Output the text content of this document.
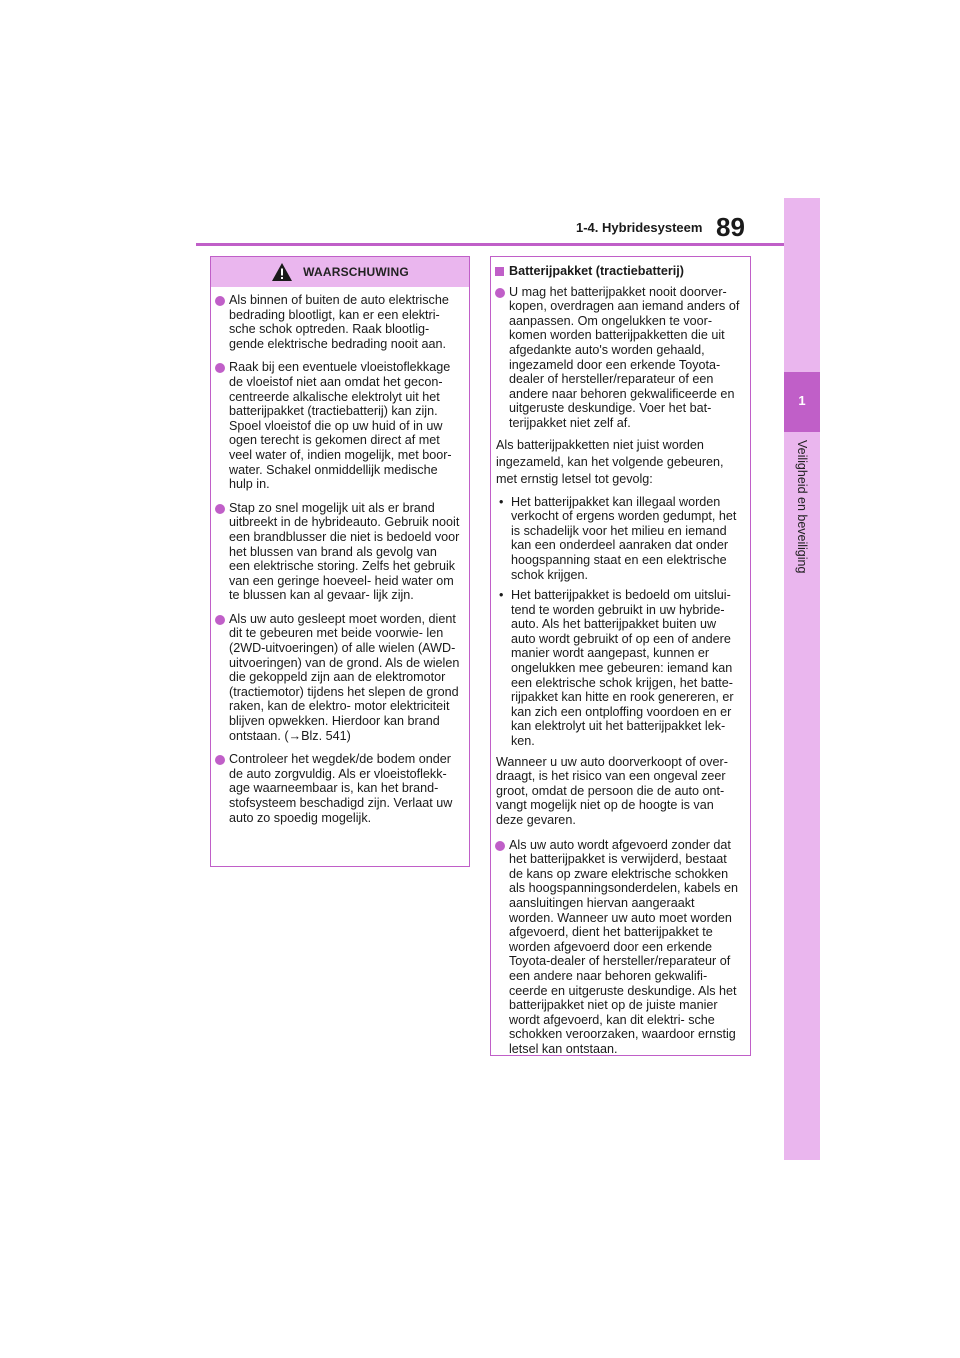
1-4. Hybridesysteem 89
1
Veiligheid en beveiliging
WAARSCHUWING
Als binnen of buiten de auto elektrische bedrading blootligt, kan er een elektri- sche schok optreden. Raak blootlig- gende elektrische bedrading nooit aan.
Raak bij een eventuele vloeistoflekkage de vloeistof niet aan omdat het gecon- centreerde alkalische elektrolyt uit het batterijpakket (tractiebatterij) kan zijn. Spoel vloeistof die op uw huid of in uw ogen terecht is gekomen direct af met veel water of, indien mogelijk, met boor- water. Schakel onmiddellijk medische hulp in.
Stap zo snel mogelijk uit als er brand uitbreekt in de hybrideauto. Gebruik nooit een brandblusser die niet is bedoeld voor het blussen van brand als gevolg van een elektrische storing. Zelfs het gebruik van een geringe hoeveel- heid water om te blussen kan al gevaar- lijk zijn.
Als uw auto gesleept moet worden, dient dit te gebeuren met beide voorwie- len (2WD-uitvoeringen) of alle wielen (AWD-uitvoeringen) van de grond. Als de wielen die gekoppeld zijn aan de elektromotor (tractiemotor) tijdens het slepen de grond raken, kan de elektro- motor elektriciteit blijven opwekken. Hierdoor kan brand ontstaan. (→Blz. 541)
Controleer het wegdek/de bodem onder de auto zorgvuldig. Als er vloeistoflekk- age waarneembaar is, kan het brand- stofsysteem beschadigd zijn. Verlaat uw auto zo spoedig mogelijk.
Batterijpakket (tractiebatterij)
U mag het batterijpakket nooit doorver- kopen, overdragen aan iemand anders of aanpassen. Om ongelukken te voor- komen worden batterijpakketten die uit afgedankte auto's worden gehaald, ingezameld door een erkende Toyota- dealer of hersteller/reparateur of een andere naar behoren gekwalificeerde en uitgeruste deskundige. Voer het bat- terijpakket niet zelf af.
Als batterijpakketten niet juist worden
ingezameld, kan het volgende gebeuren,
met ernstig letsel tot gevolg:
• Het batterijpakket kan illegaal worden verkocht of ergens worden gedumpt, het is schadelijk voor het milieu en iemand kan een onderdeel aanraken dat onder hoogspanning staat en een elektrische schok krijgen.
• Het batterijpakket is bedoeld om uitslui- tend te worden gebruikt in uw hybride- auto. Als het batterijpakket buiten uw auto wordt gebruikt of op een of andere manier wordt aangepast, kunnen er ongelukken mee gebeuren: iemand kan een elektrische schok krijgen, het batte- rijpakket kan hitte en rook genereren, er kan zich een ontploffing voordoen en er kan elektrolyt uit het batterijpakket lek- ken.
Wanneer u uw auto doorverkoopt of over- draagt, is het risico van een ongeval zeer groot, omdat de persoon die de auto ont- vangt mogelijk niet op de hoogte is van deze gevaren.
Als uw auto wordt afgevoerd zonder dat het batterijpakket is verwijderd, bestaat de kans op zware elektrische schokken als hoogspanningsonderdelen, kabels en aansluitingen hiervan aangeraakt worden. Wanneer uw auto moet worden afgevoerd, dient het batterijpakket te worden afgevoerd door een erkende Toyota-dealer of hersteller/reparateur of een andere naar behoren gekwalifi- ceerde en uitgeruste deskundige. Als het batterijpakket niet op de juiste manier wordt afgevoerd, kan dit elektri- sche schokken veroorzaken, waardoor ernstig letsel kan ontstaan.
